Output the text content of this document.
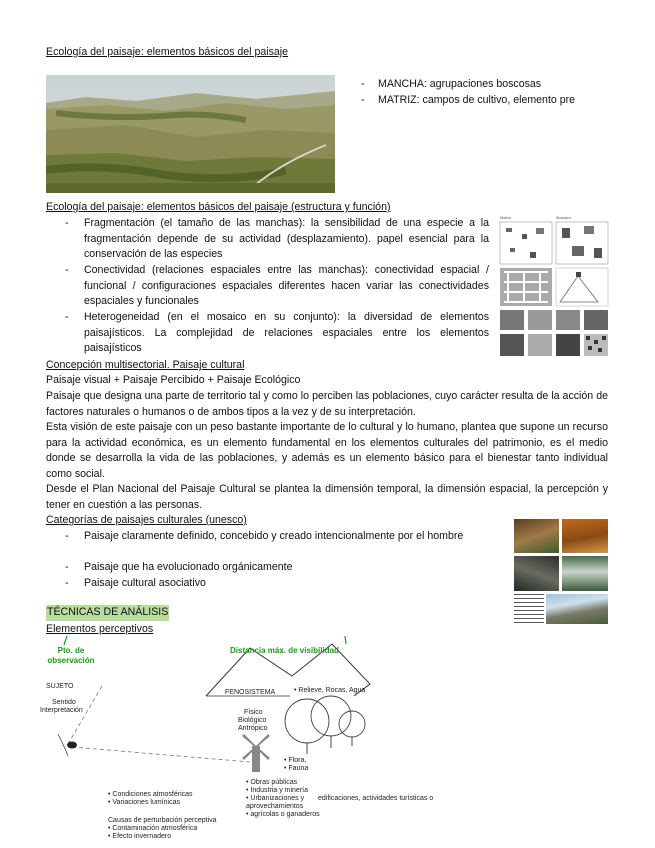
Ecología del paisaje: elementos básicos del paisaje
- MANCHA: agrupaciones boscosas
- MATRIZ: campos de cultivo, elemento pre
Ecología del paisaje: elementos básicos del paisaje (estructura y función)
- Fragmentación (el tamaño de las manchas): la sensibilidad de una especie a la fragmentación depende de su actividad (desplazamiento). papel esencial para la conservación de las especies
- Conectividad (relaciones espaciales entre las manchas): conectividad espacial / funcional / configuraciones espaciales diferentes hacen variar las conectividades espaciales y funcionales
- Heterogeneidad (en el mosaico en su conjunto): la diversidad de elementos paisajísticos. La complejidad de relaciones espaciales entre los elementos paisajísticos
Matriz	Mosaico
Concepción multisectorial. Paisaje cultural
Paisaje visual + Paisaje Percibido + Paisaje Ecológico
Paisaje que designa una parte de territorio tal y como lo perciben las poblaciones, cuyo carácter resulta de la acción de factores naturales o humanos o de ambos tipos a la vez y de su interpretación.
Esta visión de este paisaje con un peso bastante importante de lo cultural y lo humano, plantea que supone un recurso para la actividad económica, es un elemento fundamental en los elementos culturales del patrimonio, es el medio donde se desarrolla la vida de las poblaciones, y además es un elemento básico para el bienestar tanto individual como social.
Desde el Plan Nacional del Paisaje Cultural se plantea la dimensión temporal, la dimensión espacial, la percepción y tener en cuestión a las personas.
Categorías de paisajes culturales (unesco)
- Paisaje claramente definido, concebido y creado intencionalmente por el hombre
- Paisaje que ha evolucionado orgánicamente
- Paisaje cultural asociativo
TÉCNICAS DE ANÁLISIS
Elementos perceptivos
Pto. de observación
Distancia máx. de visibilidad
SUJETO
Sentido
Interpretación
FENOSISTEMA	• Relieve, Rocas, Agua
Físico
Biológico
Antrópico
• Flora,
• Fauna
• Condiciones atmosféricas
• Variaciones lumínicas
Causas de perturbación perceptiva
• Contaminación atmosférica
• Efecto invernadero
• Obras públicas
• Industria y minería
• Urbanizaciones y
aprovechamientos
• agrícolas o ganaderos
edificaciones, actividades turísticas o
